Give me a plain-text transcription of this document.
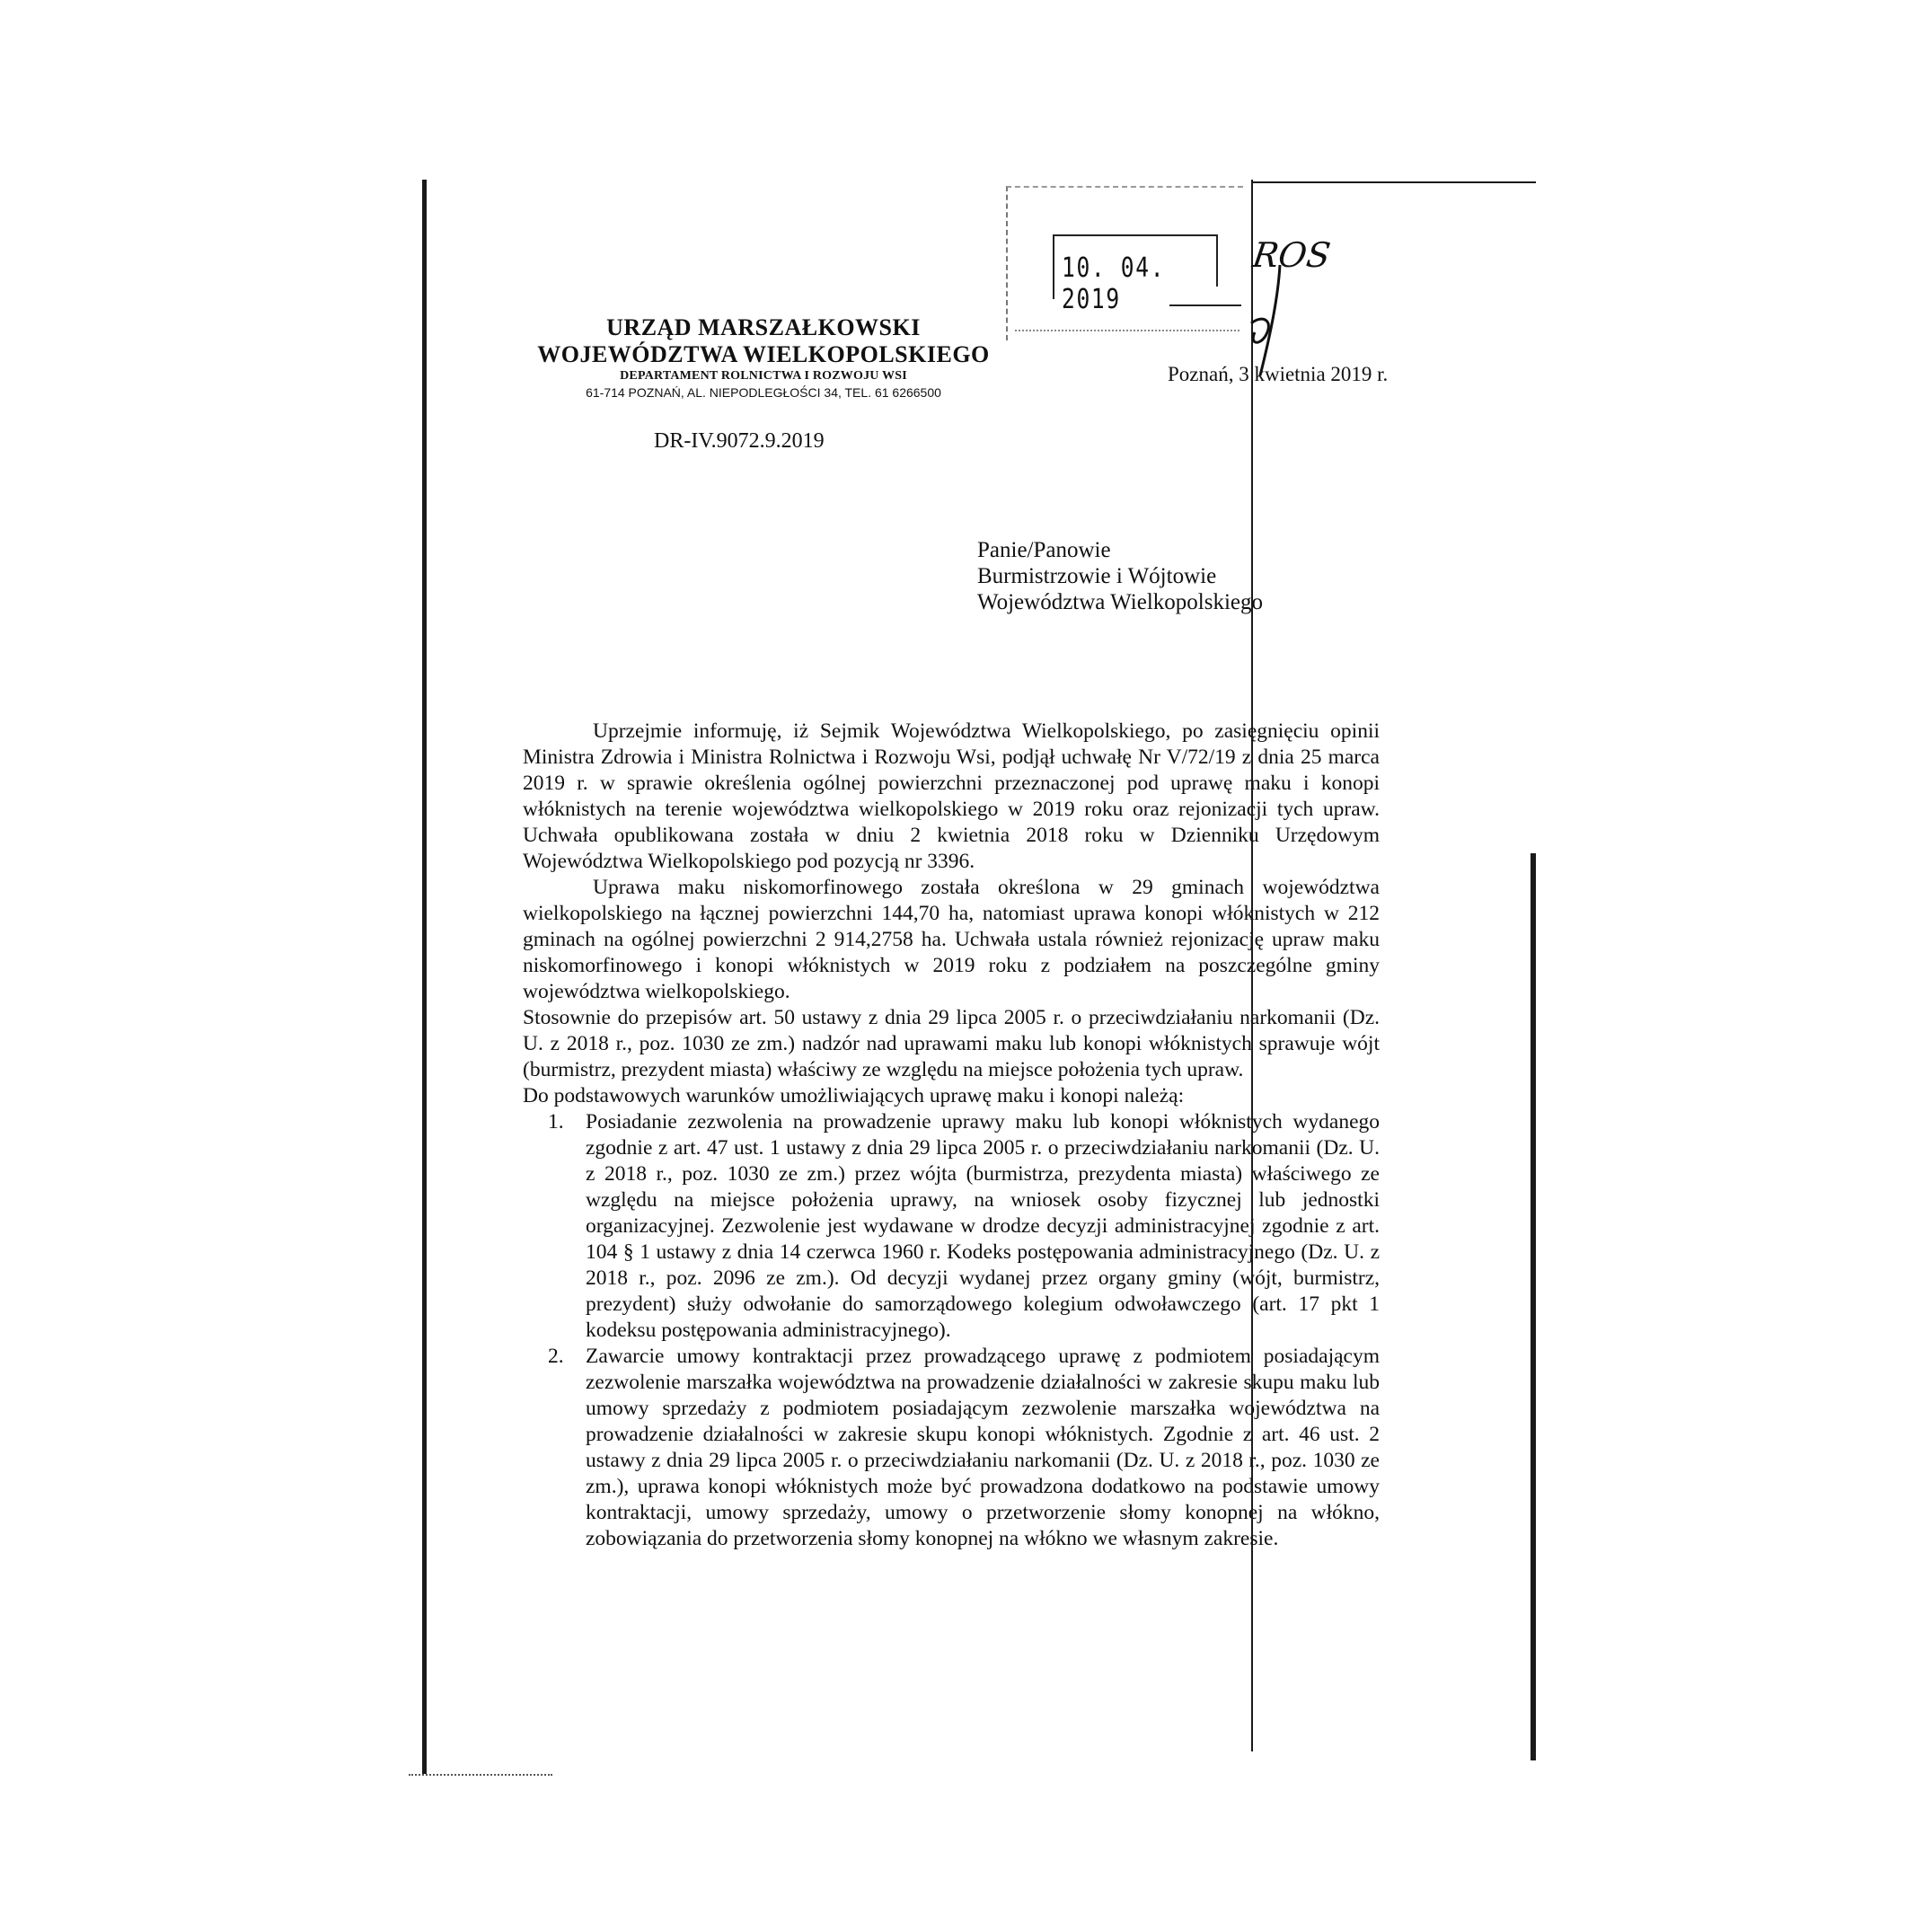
10. 04. 2019
ROS
URZĄD MARSZAŁKOWSKI
WOJEWÓDZTWA WIELKOPOLSKIEGO
DEPARTAMENT ROLNICTWA I ROZWOJU WSI
61-714 POZNAŃ, AL. NIEPODLEGŁOŚCI 34, TEL. 61 6266500
DR-IV.9072.9.2019
Poznań, 3 kwietnia 2019 r.
Panie/Panowie
Burmistrzowie i Wójtowie
Województwa Wielkopolskiego

Uprzejmie informuję, iż Sejmik Województwa Wielkopolskiego, po zasięgnięciu opinii Ministra Zdrowia i Ministra Rolnictwa i Rozwoju Wsi, podjął uchwałę Nr V/72/19 z dnia 25 marca 2019 r. w sprawie określenia ogólnej powierzchni przeznaczonej pod uprawę maku i konopi włóknistych na terenie województwa wielkopolskiego w 2019 roku oraz rejonizacji tych upraw. Uchwała opublikowana została w dniu 2 kwietnia 2018 roku w Dzienniku Urzędowym Województwa Wielkopolskiego pod pozycją nr 3396.

Uprawa maku niskomorfinowego została określona w 29 gminach województwa wielkopolskiego na łącznej powierzchni 144,70 ha, natomiast uprawa konopi włóknistych w 212 gminach na ogólnej powierzchni 2 914,2758 ha. Uchwała ustala również rejonizację upraw maku niskomorfinowego i konopi włóknistych w 2019 roku z podziałem na poszczególne gminy województwa wielkopolskiego.

Stosownie do przepisów art. 50 ustawy z dnia 29 lipca 2005 r. o przeciwdziałaniu narkomanii (Dz. U. z 2018 r., poz. 1030 ze zm.) nadzór nad uprawami maku lub konopi włóknistych sprawuje wójt (burmistrz, prezydent miasta) właściwy ze względu na miejsce położenia tych upraw.

Do podstawowych warunków umożliwiających uprawę maku i konopi należą:

1. Posiadanie zezwolenia na prowadzenie uprawy maku lub konopi włóknistych wydanego zgodnie z art. 47 ust. 1 ustawy z dnia 29 lipca 2005 r. o przeciwdziałaniu narkomanii (Dz. U. z 2018 r., poz. 1030 ze zm.) przez wójta (burmistrza, prezydenta miasta) właściwego ze względu na miejsce położenia uprawy, na wniosek osoby fizycznej lub jednostki organizacyjnej. Zezwolenie jest wydawane w drodze decyzji administracyjnej zgodnie z art. 104 § 1 ustawy z dnia 14 czerwca 1960 r. Kodeks postępowania administracyjnego (Dz. U. z 2018 r., poz. 2096 ze zm.). Od decyzji wydanej przez organy gminy (wójt, burmistrz, prezydent) służy odwołanie do samorządowego kolegium odwoławczego (art. 17 pkt 1 kodeksu postępowania administracyjnego).
2. Zawarcie umowy kontraktacji przez prowadzącego uprawę z podmiotem posiadającym zezwolenie marszałka województwa na prowadzenie działalności w zakresie skupu maku lub umowy sprzedaży z podmiotem posiadającym zezwolenie marszałka województwa na prowadzenie działalności w zakresie skupu konopi włóknistych. Zgodnie z art. 46 ust. 2 ustawy z dnia 29 lipca 2005 r. o przeciwdziałaniu narkomanii (Dz. U. z 2018 r., poz. 1030 ze zm.), uprawa konopi włóknistych może być prowadzona dodatkowo na podstawie umowy kontraktacji, umowy sprzedaży, umowy o przetworzenie słomy konopnej na włókno, zobowiązania do przetworzenia słomy konopnej na włókno we własnym zakresie.
